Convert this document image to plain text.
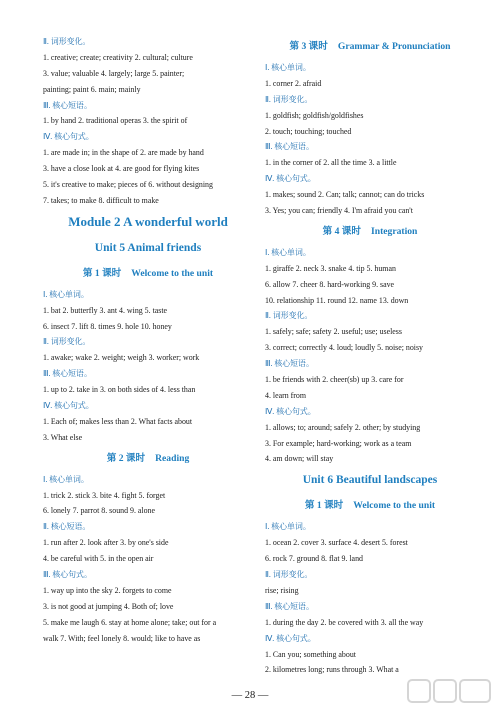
Ⅱ. 词形变化。
1. creative; create; creativity 2. cultural; culture
3. value; valuable 4. largely; large 5. painter;
painting; paint 6. main; mainly
Ⅲ. 核心短语。
1. by hand 2. traditional operas 3. the spirit of
Ⅳ. 核心句式。
1. are made in; in the shape of 2. are made by hand
3. have a close look at 4. are good for flying kites
5. it's creative to make; pieces of 6. without designing
7. takes; to make 8. difficult to make
Module 2 A wonderful world
Unit 5 Animal friends
第 1 课时 Welcome to the unit
Ⅰ. 核心单词。
1. bat 2. butterfly 3. ant 4. wing 5. taste
6. insect 7. lift 8. times 9. hole 10. honey
Ⅱ. 词形变化。
1. awake; wake 2. weight; weigh 3. worker; work
Ⅲ. 核心短语。
1. up to 2. take in 3. on both sides of 4. less than
Ⅳ. 核心句式。
1. Each of; makes less than 2. What facts about
3. What else
第 2 课时 Reading
Ⅰ. 核心单词。
1. trick 2. stick 3. bite 4. fight 5. forget
6. lonely 7. parrot 8. sound 9. alone
Ⅱ. 核心短语。
1. run after 2. look after 3. by one's side
4. be careful with 5. in the open air
Ⅲ. 核心句式。
1. way up into the sky 2. forgets to come
3. is not good at jumping 4. Both of; love
5. make me laugh 6. stay at home alone; take; out for a
walk 7. With; feel lonely 8. would; like to have as
第 3 课时 Grammar & Pronunciation
Ⅰ. 核心单词。
1. corner 2. afraid
Ⅱ. 词形变化。
1. goldfish; goldfish/goldfishes
2. touch; touching; touched
Ⅲ. 核心短语。
1. in the corner of 2. all the time 3. a little
Ⅳ. 核心句式。
1. makes; sound 2. Can; talk; cannot; can do tricks
3. Yes; you can; friendly 4. I'm afraid you can't
第 4 课时 Integration
Ⅰ. 核心单词。
1. giraffe 2. neck 3. snake 4. tip 5. human
6. allow 7. cheer 8. hard-working 9. save
10. relationship 11. round 12. name 13. down
Ⅱ. 词形变化。
1. safely; safe; safety 2. useful; use; useless
3. correct; correctly 4. loud; loudly 5. noise; noisy
Ⅲ. 核心短语。
1. be friends with 2. cheer(sb) up 3. care for
4. learn from
Ⅳ. 核心句式。
1. allows; to; around; safely 2. other; by studying
3. For example; hard-working; work as a team
4. am down; will stay
Unit 6 Beautiful landscapes
第 1 课时 Welcome to the unit
Ⅰ. 核心单词。
1. ocean 2. cover 3. surface 4. desert 5. forest
6. rock 7. ground 8. flat 9. land
Ⅱ. 词形变化。
rise; rising
Ⅲ. 核心短语。
1. during the day 2. be covered with 3. all the way
Ⅳ. 核心句式。
1. Can you; something about
2. kilometres long; runs through 3. What a
— 28 —
